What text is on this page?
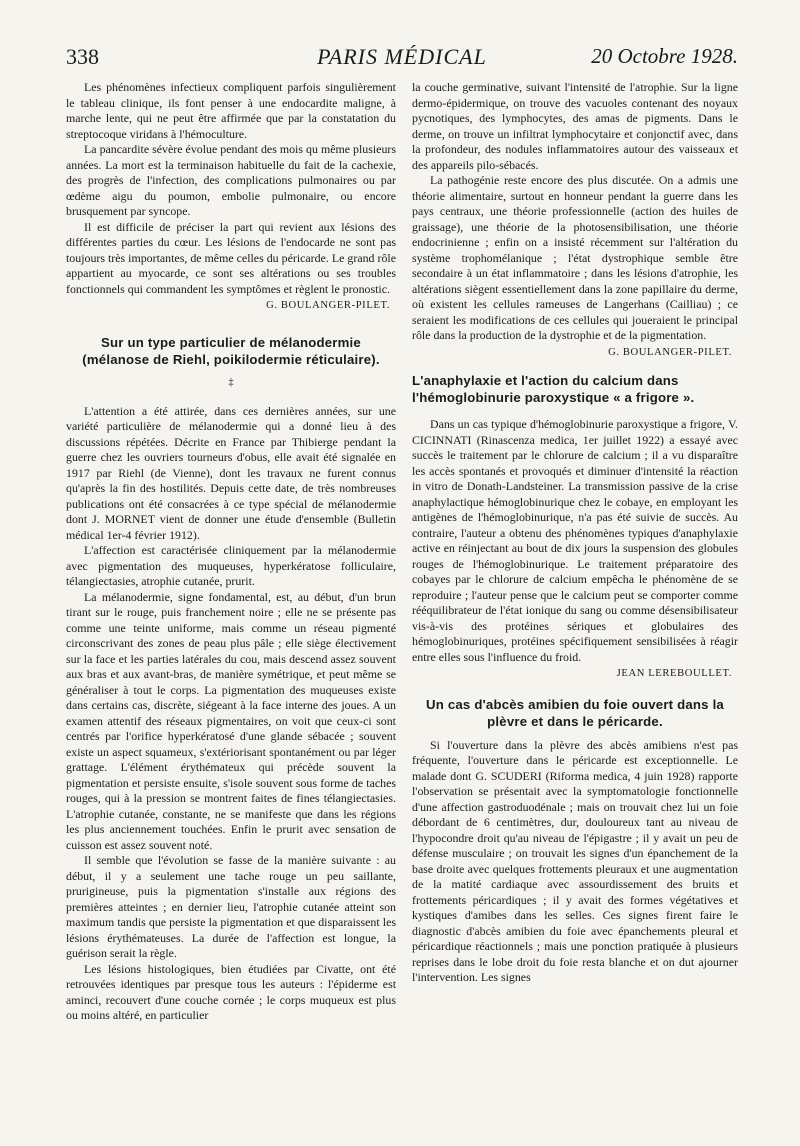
338	PARIS MÉDICAL	20 Octobre 1928.

Les phénomènes infectieux compliquent parfois singulièrement le tableau clinique, ils font penser à une endocardite maligne, à marche lente, qui ne peut être affirmée que par la constatation du streptocoque viridans à l'hémoculture.

La pancardite sévère évolue pendant des mois qu même plusieurs années. La mort est la terminaison habituelle du fait de la cachexie, des progrès de l'infection, des complications pulmonaires ou par œdème aigu du poumon, embolie pulmonaire, ou encore brusquement par syncope.

Il est difficile de préciser la part qui revient aux lésions des différentes parties du cœur. Les lésions de l'endocarde ne sont pas toujours très importantes, de même celles du péricarde. Le grand rôle appartient au myocarde, ce sont ses altérations ou ses troubles fonctionnels qui commandent les symptômes et règlent le pronostic.

G. BOULANGER-PILET.
Sur un type particulier de mélanodermie (mélanose de Riehl, poikilodermie réticulaire).
‡

L'attention a été attirée, dans ces dernières années, sur une variété particulière de mélanodermie qui a donné lieu à des discussions répétées. Décrite en France par Thibierge pendant la guerre chez les ouvriers tourneurs d'obus, elle avait été signalée en 1917 par Riehl (de Vienne), dont les travaux ne furent connus qu'après la fin des hostilités. Depuis cette date, de très nombreuses publications ont été consacrées à ce type spécial de mélanodermie dont J. MORNET vient de donner une étude d'ensemble (Bulletin médical 1er-4 février 1912).

L'affection est caractérisée cliniquement par la mélanodermie avec pigmentation des muqueuses, hyperkératose folliculaire, télangiectasies, atrophie cutanée, prurit.

La mélanodermie, signe fondamental, est, au début, d'un brun tirant sur le rouge, puis franchement noire ; elle ne se présente pas comme une teinte uniforme, mais comme un réseau pigmenté circonscrivant des zones de peau plus pâle ; elle siège électivement sur la face et les parties latérales du cou, mais descend assez souvent aux bras et aux avant-bras, de manière symétrique, et peut même se généraliser à tout le corps. La pigmentation des muqueuses existe dans certains cas, discrète, siégeant à la face interne des joues. A un examen attentif des réseaux pigmentaires, on voit que ceux-ci sont centrés par l'orifice hyperkératosé d'une glande sébacée ; souvent existe un aspect squameux, s'extériorisant spontanément ou par léger grattage. L'élément érythémateux qui précède souvent la pigmentation et persiste ensuite, s'isole souvent sous forme de taches rouges, qui à la pression se montrent faites de fines télangiectasies. L'atrophie cutanée, constante, ne se manifeste que dans les régions les plus anciennement touchées. Enfin le prurit avec sensation de cuisson est assez souvent noté.

Il semble que l'évolution se fasse de la manière suivante : au début, il y a seulement une tache rouge un peu saillante, prurigineuse, puis la pigmentation s'installe aux régions des premières atteintes ; en dernier lieu, l'atrophie cutanée atteint son maximum tandis que persiste la pigmentation et que disparaissent les lésions érythémateuses. La durée de l'affection est longue, la guérison serait la règle.

Les lésions histologiques, bien étudiées par Civatte, ont été retrouvées identiques par presque tous les auteurs : l'épiderme est aminci, recouvert d'une couche cornée ; le corps muqueux est plus ou moins altéré, en particulier

la couche germinative, suivant l'intensité de l'atrophie. Sur la ligne dermo-épidermique, on trouve des vacuoles contenant des noyaux pycnotiques, des lymphocytes, des amas de pigments. Dans le derme, on trouve un infiltrat lymphocytaire et conjonctif avec, dans la profondeur, des nodules inflammatoires autour des vaisseaux et des appareils pilo-sébacés.

La pathogénie reste encore des plus discutée. On a admis une théorie alimentaire, surtout en honneur pendant la guerre dans les pays centraux, une théorie professionnelle (action des huiles de graissage), une théorie de la photosensibilisation, une théorie endocrinienne ; enfin on a insisté récemment sur l'altération du système trophomélanique ; l'état dystrophique semble être secondaire à un état inflammatoire ; dans les lésions d'atrophie, les altérations siègent essentiellement dans la zone papillaire du derme, où existent les cellules rameuses de Langerhans (Cailliau) ; ce seraient les modifications de ces cellules qui joueraient le principal rôle dans la production de la dystrophie et de la pigmentation.

G. BOULANGER-PILET.
L'anaphylaxie et l'action du calcium dans l'hémoglobinurie paroxystique « a frigore ».

Dans un cas typique d'hémoglobinurie paroxystique a frigore, V. CICINNATI (Rinascenza medica, 1er juillet 1922) a essayé avec succès le traitement par le chlorure de calcium ; il a vu disparaître les accès spontanés et provoqués et diminuer d'intensité la réaction in vitro de Donath-Landsteiner. La transmission passive de la crise anaphylactique hémoglobinurique chez le cobaye, en employant les antigènes de l'hémoglobinurique, n'a pas été suivie de succès. Au contraire, l'auteur a obtenu des phénomènes typiques d'anaphylaxie active en réinjectant au bout de dix jours la suspension des globules rouges de l'hémoglobinurique. Le traitement préparatoire des cobayes par le chlorure de calcium empêcha le phénomène de se reproduire ; l'auteur pense que le calcium peut se comporter comme rééquilibrateur de l'état ionique du sang ou comme désensibilisateur vis-à-vis des protéines sériques et globulaires des hémoglobinuriques, protéines spécifiquement sensibilisées à réagir entre elles sous l'influence du froid.

JEAN LEREBOULLET.
Un cas d'abcès amibien du foie ouvert dans la plèvre et dans le péricarde.

Si l'ouverture dans la plèvre des abcès amibiens n'est pas fréquente, l'ouverture dans le péricarde est exceptionnelle. Le malade dont G. SCUDERI (Riforma medica, 4 juin 1928) rapporte l'observation se présentait avec la symptomatologie fonctionnelle d'une affection gastroduodénale ; mais on trouvait chez lui un foie débordant de 6 centimètres, dur, douloureux tant au niveau de l'hypocondre droit qu'au niveau de l'épigastre ; il y avait un peu de défense musculaire ; on trouvait les signes d'un épanchement de la base droite avec quelques frottements pleuraux et une augmentation de la matité cardiaque avec assourdissement des bruits et frottements péricardiques ; il y avait des formes végétatives et kystiques d'amibes dans les selles. Ces signes firent faire le diagnostic d'abcès amibien du foie avec épanchements pleural et péricardique réactionnels ; mais une ponction pratiquée à plusieurs reprises dans le lobe droit du foie resta blanche et on dut ajourner l'intervention. Les signes
